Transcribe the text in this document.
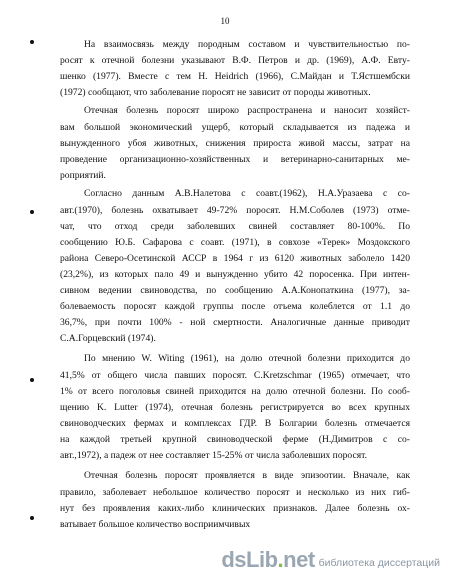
10
На взаимосвязь между породным составом и чувствительностью по-
росят к отечной болезни указывают В.Ф. Петров и др. (1969), А.Ф. Евту-
шенко (1977). Вместе с тем H. Heidrich (1966), С.Майдан и Т.Ястшембски
(1972) сообщают, что заболевание поросят не зависит от породы животных.
Отечная болезнь поросят широко распространена и наносит хозяйст-
вам большой экономический ущерб, который складывается из падежа и
вынужденного убоя животных, снижения прироста живой массы, затрат на
проведение организационно-хозяйственных и ветеринарно-санитарных ме-
роприятий.
Согласно данным А.В.Налетова с соавт.(1962), Н.А.Уразаева с со-
авт.(1970), болезнь охватывает 49-72% поросят. Н.М.Соболев (1973) отме-
чат, что отход среди заболевших свиней составляет 80-100%. По
сообщению Ю.Б. Сафарова с соавт. (1971), в совхозе «Терек» Моздокского
района Северо-Осетинской АССР в 1964 г из 6120 животных заболело 1420
(23,2%), из которых пало 49 и вынужденно убито 42 поросенка. При интен-
сивном ведении свиноводства, по сообщению А.А.Конопаткина (1977), за-
болеваемость поросят каждой группы после отъема колеблется от 1.1 до
36,7%, при почти 100% - ной смертности. Аналогичные данные приводит
С.А.Горцевский (1974).
По мнению W. Witing (1961), на долю отечной болезни приходится до
41,5% от общего числа павших поросят. C.Kretzschmar (1965) отмечает, что
1% от всего поголовья свиней приходится на долю отечной болезни. По сооб-
щению K. Lutter (1974), отечная болезнь регистрируется во всех крупных
свиноводческих фермах и комплексах ГДР. В Болгарии болезнь отмечается
на каждой третьей крупной свиноводческой ферме (Н.Димитров с со-
авт.,1972), а падеж от нее составляет 15-25% от числа заболевших поросят.
Отечная болезнь поросят проявляется в виде эпизоотии. Вначале, как
правило, заболевает небольшое количество поросят и несколько из них гиб-
нут без проявления каких-либо клинических признаков. Далее болезнь ох-
ватывает большое количество восприимчивых
dsLib.net библиотека диссертаций
